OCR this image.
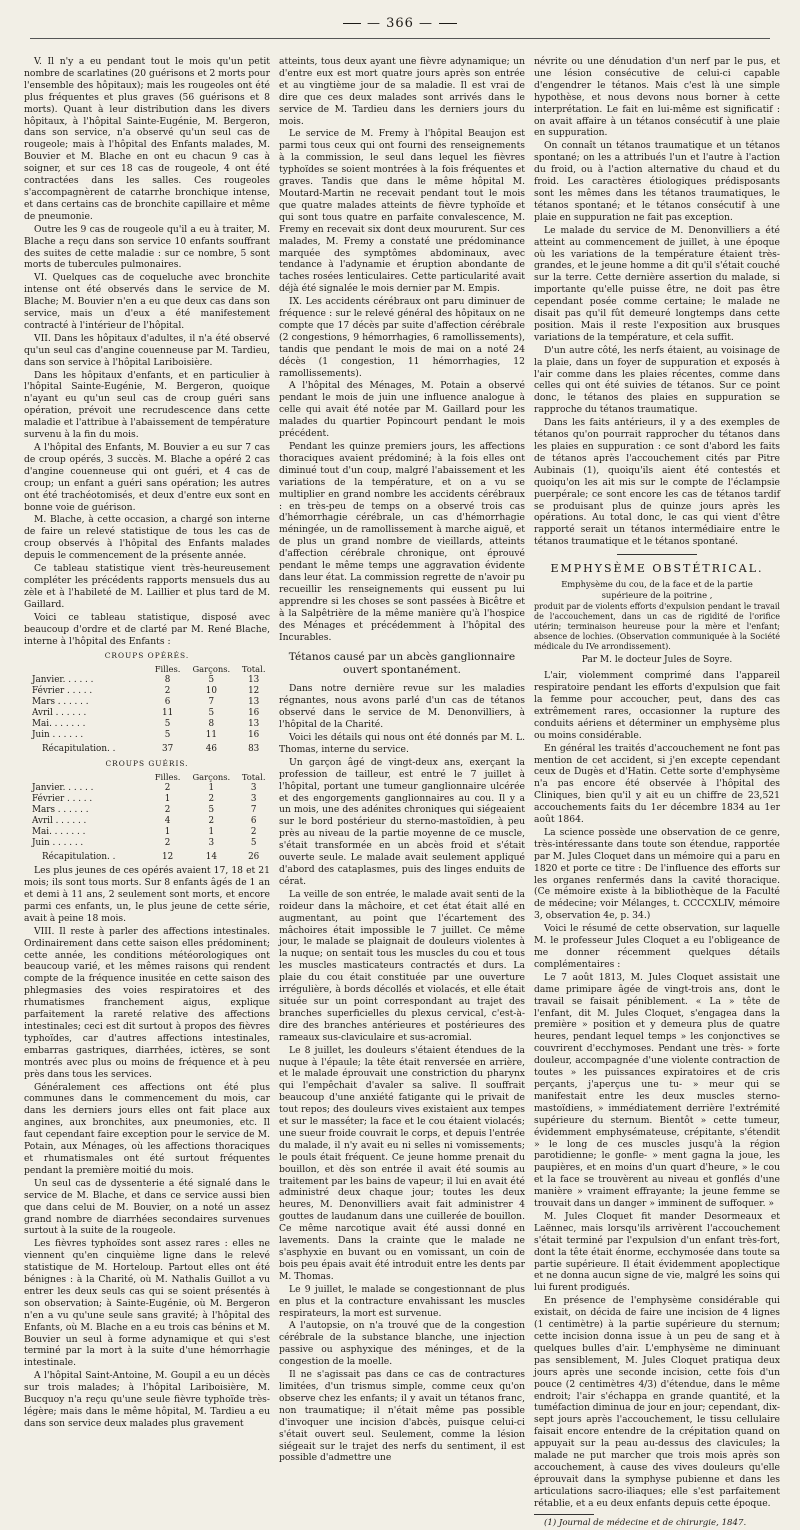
— 366 —

V. Il n'y a eu pendant tout le mois qu'un petit nombre de scarlatines (20 guérisons et 2 morts pour l'ensemble des hôpitaux); mais les rougeoles ont été plus fréquentes et plus graves (56 guérisons et 8 morts). Quant à leur distribution dans les divers hôpitaux, à l'hôpital Sainte-Eugénie, M. Bergeron, dans son service, n'a observé qu'un seul cas de rougeole; mais à l'hôpital des Enfants malades, M. Bouvier et M. Blache en ont eu chacun 9 cas à soigner, et sur ces 18 cas de rougeole, 4 ont été contractées dans les salles. Ces rougeoles s'accompagnèrent de catarrhe bronchique intense, et dans certains cas de bronchite capillaire et même de pneumonie.

Outre les 9 cas de rougeole qu'il a eu à traiter, M. Blache a reçu dans son service 10 enfants souffrant des suites de cette maladie : sur ce nombre, 5 sont morts de tubercules pulmonaires.

VI. Quelques cas de coqueluche avec bronchite intense ont été observés dans le service de M. Blache; M. Bouvier n'en a eu que deux cas dans son service, mais un d'eux a été manifestement contracté à l'intérieur de l'hôpital.

VII. Dans les hôpitaux d'adultes, il n'a été observé qu'un seul cas d'angine couenneuse par M. Tardieu, dans son service à l'hôpital Lariboisière.

Dans les hôpitaux d'enfants, et en particulier à l'hôpital Sainte-Eugénie, M. Bergeron, quoique n'ayant eu qu'un seul cas de croup guéri sans opération, prévoit une recrudescence dans cette maladie et l'attribue à l'abaissement de température survenu à la fin du mois.

A l'hôpital des Enfants, M. Bouvier a eu sur 7 cas de croup opérés, 3 succès. M. Blache a opéré 2 cas d'angine couenneuse qui ont guéri, et 4 cas de croup; un enfant a guéri sans opération; les autres ont été trachéotomisés, et deux d'entre eux sont en bonne voie de guérison.

M. Blache, à cette occasion, a chargé son interne de faire un relevé statistique de tous les cas de croup observés à l'hôpital des Enfants malades depuis le commencement de la présente année.

Ce tableau statistique vient très-heureusement compléter les précédents rapports mensuels dus au zèle et à l'habileté de M. Laillier et plus tard de M. Gaillard.

Voici ce tableau statistique, disposé avec beaucoup d'ordre et de clarté par M. René Blache, interne à l'hôpital des Enfants :

CROUPS OPÉRÉS.
	Filles.	Garçons.	Total.
Janvier. . . . . .	8	5	13
Février . . . . .	2	10	12
Mars . . . . . .	6	7	13
Avril . . . . . .	11	5	16
Mai. . . . . . .	5	8	13
Juin . . . . . .	5	11	16
Récapitulation. .	37	46	83
CROUPS GUÉRIS.
	Filles.	Garçons.	Total.
Janvier. . . . . .	2	1	3
Février . . . . .	1	2	3
Mars . . . . . .	2	5	7
Avril . . . . . .	4	2	6
Mai. . . . . . .	1	1	2
Juin . . . . . .	2	3	5
Récapitulation. .	12	14	26

Les plus jeunes de ces opérés avaient 17, 18 et 21 mois; ils sont tous morts. Sur 8 enfants âgés de 1 an et demi à 11 ans, 2 seulement sont morts, et encore parmi ces enfants, un, le plus jeune de cette série, avait à peine 18 mois.

VIII. Il reste à parler des affections intestinales. Ordinairement dans cette saison elles prédominent; cette année, les conditions météorologiques ont beaucoup varié, et les mêmes raisons qui rendent compte de la fréquence inusitée en cette saison des phlegmasies des voies respiratoires et des rhumatismes franchement aigus, explique parfaitement la rareté relative des affections intestinales; ceci est dit surtout à propos des fièvres typhoïdes, car d'autres affections intestinales, embarras gastriques, diarrhées, ictères, se sont montrés avec plus ou moins de fréquence et à peu près dans tous les services.

Généralement ces affections ont été plus communes dans le commencement du mois, car dans les derniers jours elles ont fait place aux angines, aux bronchites, aux pneumonies, etc. Il faut cependant faire exception pour le service de M. Potain, aux Ménages, où les affections thoraciques et rhumatismales ont été surtout fréquentes pendant la première moitié du mois.

Un seul cas de dyssenterie a été signalé dans le service de M. Blache, et dans ce service aussi bien que dans celui de M. Bouvier, on a noté un assez grand nombre de diarrhées secondaires survenues surtout à la suite de la rougeole.

Les fièvres typhoïdes sont assez rares : elles ne viennent qu'en cinquième ligne dans le relevé statistique de M. Horteloup. Partout elles ont été bénignes : à la Charité, où M. Nathalis Guillot a vu entrer les deux seuls cas qui se soient présentés à son observation; à Sainte-Eugénie, où M. Bergeron n'en a vu qu'une seule sans gravité; à l'hôpital des Enfants, où M. Blache en a eu trois cas bénins et M. Bouvier un seul à forme adynamique et qui s'est terminé par la mort à la suite d'une hémorrhagie intestinale.

A l'hôpital Saint-Antoine, M. Goupil a eu un décès sur trois malades; à l'hôpital Lariboisière, M. Bucquoy n'a reçu qu'une seule fièvre typhoïde très-légère; mais dans le même hôpital, M. Tardieu a eu dans son service deux malades plus gravement

atteints, tous deux ayant une fièvre adynamique; un d'entre eux est mort quatre jours après son entrée et au vingtième jour de sa maladie. Il est vrai de dire que ces deux malades sont arrivés dans le service de M. Tardieu dans les derniers jours du mois.

Le service de M. Fremy à l'hôpital Beaujon est parmi tous ceux qui ont fourni des renseignements à la commission, le seul dans lequel les fièvres typhoïdes se soient montrées à la fois fréquentes et graves. Tandis que dans le même hôpital M. Moutard-Martin ne recevait pendant tout le mois que quatre malades atteints de fièvre typhoïde et qui sont tous quatre en parfaite convalescence, M. Fremy en recevait six dont deux moururent. Sur ces malades, M. Fremy a constaté une prédominance marquée des symptômes abdominaux, avec tendance à l'adynamie et éruption abondante de taches rosées lenticulaires. Cette particularité avait déjà été signalée le mois dernier par M. Empis.

IX. Les accidents cérébraux ont paru diminuer de fréquence : sur le relevé général des hôpitaux on ne compte que 17 décès par suite d'affection cérébrale (2 congestions, 9 hémorrhagies, 6 ramollissements), tandis que pendant le mois de mai on a noté 24 décès (1 congestion, 11 hémorrhagies, 12 ramollissements).

A l'hôpital des Ménages, M. Potain a observé pendant le mois de juin une influence analogue à celle qui avait été notée par M. Gaillard pour les malades du quartier Popincourt pendant le mois précédent.

Pendant les quinze premiers jours, les affections thoraciques avaient prédominé; à la fois elles ont diminué tout d'un coup, malgré l'abaissement et les variations de la température, et on a vu se multiplier en grand nombre les accidents cérébraux : en très-peu de temps on a observé trois cas d'hémorrhagie cérébrale, un cas d'hémorrhagie méningée, un de ramollissement à marche aiguë, et de plus un grand nombre de vieillards, atteints d'affection cérébrale chronique, ont éprouvé pendant le même temps une aggravation évidente dans leur état. La commission regrette de n'avoir pu recueillir les renseignements qui eussent pu lui apprendre si les choses se sont passées à Bicêtre et à la Salpêtrière de la même manière qu'à l'hospice des Ménages et précédemment à l'hôpital des Incurables.

Tétanos causé par un abcès ganglionnaire ouvert spontanément.

Dans notre dernière revue sur les maladies régnantes, nous avons parlé d'un cas de tétanos observé dans le service de M. Denonvilliers, à l'hôpital de la Charité.

Voici les détails qui nous ont été donnés par M. L. Thomas, interne du service.

Un garçon âgé de vingt-deux ans, exerçant la profession de tailleur, est entré le 7 juillet à l'hôpital, portant une tumeur ganglionnaire ulcérée et des engorgements ganglionnaires au cou. Il y a un mois, une des adénites chroniques qui siégeaient sur le bord postérieur du sterno-mastoïdien, à peu près au niveau de la partie moyenne de ce muscle, s'était transformée en un abcès froid et s'était ouverte seule. Le malade avait seulement appliqué d'abord des cataplasmes, puis des linges enduits de cérat.

La veille de son entrée, le malade avait senti de la roideur dans la mâchoire, et cet état était allé en augmentant, au point que l'écartement des mâchoires était impossible le 7 juillet. Ce même jour, le malade se plaignait de douleurs violentes à la nuque; on sentait tous les muscles du cou et tous les muscles masticateurs contractés et durs. La plaie du cou était constituée par une ouverture irrégulière, à bords décollés et violacés, et elle était située sur un point correspondant au trajet des branches superficielles du plexus cervical, c'est-à-dire des branches antérieures et postérieures des rameaux sus-claviculaire et sus-acromial.

Le 8 juillet, les douleurs s'étaient étendues de la nuque à l'épaule; la tête était renversée en arrière, et le malade éprouvait une constriction du pharynx qui l'empêchait d'avaler sa salive. Il souffrait beaucoup d'une anxiété fatigante qui le privait de tout repos; des douleurs vives existaient aux tempes et sur le masséter; la face et le cou étaient violacés; une sueur froide couvrait le corps, et depuis l'entrée du malade, il n'y avait eu ni selles ni vomissements; le pouls était fréquent. Ce jeune homme prenait du bouillon, et dès son entrée il avait été soumis au traitement par les bains de vapeur; il lui en avait été administré deux chaque jour; toutes les deux heures, M. Denonvilliers avait fait administrer 4 gouttes de laudanum dans une cuillerée de bouillon. Ce même narcotique avait été aussi donné en lavements. Dans la crainte que le malade ne s'asphyxie en buvant ou en vomissant, un coin de bois peu épais avait été introduit entre les dents par M. Thomas.

Le 9 juillet, le malade se congestionnant de plus en plus et la contracture envahissant les muscles respirateurs, la mort est survenue.

A l'autopsie, on n'a trouvé que de la congestion cérébrale de la substance blanche, une injection passive ou asphyxique des méninges, et de la congestion de la moelle.

Il ne s'agissait pas dans ce cas de contractures limitées, d'un trismus simple, comme ceux qu'on observe chez les enfants; il y avait un tétanos franc, non traumatique; il n'était même pas possible d'invoquer une incision d'abcès, puisque celui-ci s'était ouvert seul. Seulement, comme la lésion siégeait sur le trajet des nerfs du sentiment, il est possible d'admettre une

névrite ou une dénudation d'un nerf par le pus, et une lésion consécutive de celui-ci capable d'engendrer le tétanos. Mais c'est là une simple hypothèse, et nous devons nous borner à cette interprétation. Le fait en lui-même est significatif : on avait affaire à un tétanos consécutif à une plaie en suppuration.

On connaît un tétanos traumatique et un tétanos spontané; on les a attribués l'un et l'autre à l'action du froid, ou à l'action alternative du chaud et du froid. Les caractères étiologiques prédisposants sont les mêmes dans les tétanos traumatiques, le tétanos spontané; et le tétanos consécutif à une plaie en suppuration ne fait pas exception.

Le malade du service de M. Denonvilliers a été atteint au commencement de juillet, à une époque où les variations de la température étaient très-grandes, et le jeune homme a dit qu'il s'était couché sur la terre. Cette dernière assertion du malade, si importante qu'elle puisse être, ne doit pas être cependant posée comme certaine; le malade ne disait pas qu'il fût demeuré longtemps dans cette position. Mais il reste l'exposition aux brusques variations de la température, et cela suffit.

D'un autre côté, les nerfs étaient, au voisinage de la plaie, dans un foyer de suppuration et exposés à l'air comme dans les plaies récentes, comme dans celles qui ont été suivies de tétanos. Sur ce point donc, le tétanos des plaies en suppuration se rapproche du tétanos traumatique.

Dans les faits antérieurs, il y a des exemples de tétanos qu'on pourrait rapprocher du tétanos dans les plaies en suppuration : ce sont d'abord les faits de tétanos après l'accouchement cités par Pitre Aubinais (1), quoiqu'ils aient été contestés et quoiqu'on les ait mis sur le compte de l'éclampsie puerpérale; ce sont encore les cas de tétanos tardif se produisant plus de quinze jours après les opérations. Au total donc, le cas qui vient d'être rapporté serait un tétanos intermédiaire entre le tétanos traumatique et le tétanos spontané.

EMPHYSÈME OBSTÉTRICAL.
Emphysème du cou, de la face et de la partie supérieure de la poitrine ,
produit par de violents efforts d'expulsion pendant le travail de l'accouchement, dans un cas de rigidité de l'orifice utérin; terminaison heureuse pour la mère et l'enfant; absence de lochies. (Observation communiquée à la Société médicale du IVe arrondissement).
Par M. le docteur Jules de Soyre.

L'air, violemment comprimé dans l'appareil respiratoire pendant les efforts d'expulsion que fait la femme pour accoucher, peut, dans des cas extrêmement rares, occasionner la rupture des conduits aériens et déterminer un emphysème plus ou moins considérable.

En général les traités d'accouchement ne font pas mention de cet accident, si j'en excepte cependant ceux de Dugès et d'Hatin. Cette sorte d'emphysème n'a pas encore été observée à l'hôpital des Cliniques, bien qu'il y ait eu un chiffre de 23,521 accouchements faits du 1er décembre 1834 au 1er août 1864.

La science possède une observation de ce genre, très-intéressante dans toute son étendue, rapportée par M. Jules Cloquet dans un mémoire qui a paru en 1820 et porte ce titre : De l'influence des efforts sur les organes renfermés dans la cavité thoracique. (Ce mémoire existe à la bibliothèque de la Faculté de médecine; voir Mélanges, t. CCCCXLIV, mémoire 3, observation 4e, p. 34.)

Voici le résumé de cette observation, sur laquelle M. le professeur Jules Cloquet a eu l'obligeance de me donner récemment quelques détails complémentaires :

Le 7 août 1813, M. Jules Cloquet assistait une dame primipare âgée de vingt-trois ans, dont le travail se faisait péniblement. « La » tête de l'enfant, dit M. Jules Cloquet, s'engagea dans la première » position et y demeura plus de quatre heures, pendant lequel temps » les conjonctives se couvrirent d'ecchymoses. Pendant une très- » forte douleur, accompagnée d'une violente contraction de toutes » les puissances expiratoires et de cris perçants, j'aperçus une tu- » meur qui se manifestait entre les deux muscles sterno-mastoïdiens, » immédiatement derrière l'extrémité supérieure du sternum. Bientôt » cette tumeur, évidemment emphysémateuse, crépitante, s'étendit » le long de ces muscles jusqu'à la région parotidienne; le gonfle- » ment gagna la joue, les paupières, et en moins d'un quart d'heure, » le cou et la face se trouvèrent au niveau et gonflés d'une manière » vraiment effrayante; la jeune femme se trouvait dans un danger » imminent de suffoquer. »

M. Jules Cloquet fit mander Desormeaux et Laënnec, mais lorsqu'ils arrivèrent l'accouchement s'était terminé par l'expulsion d'un enfant très-fort, dont la tête était énorme, ecchymosée dans toute sa partie supérieure. Il était évidemment apoplectique et ne donna aucun signe de vie, malgré les soins qui lui furent prodigués.

En présence de l'emphysème considérable qui existait, on décida de faire une incision de 4 lignes (1 centimètre) à la partie supérieure du sternum; cette incision donna issue à un peu de sang et à quelques bulles d'air. L'emphysème ne diminuant pas sensiblement, M. Jules Cloquet pratiqua deux jours après une seconde incision, cette fois d'un pouce (2 centimètres 4/3) d'étendue, dans le même endroit; l'air s'échappa en grande quantité, et la tuméfaction diminua de jour en jour; cependant, dix-sept jours après l'accouchement, le tissu cellulaire faisait encore entendre de la crépitation quand on appuyait sur la peau au-dessus des clavicules; la malade ne put marcher que trois mois après son accouchement, à cause des vives douleurs qu'elle éprouvait dans la symphyse pubienne et dans les articulations sacro-iliaques; elle s'est parfaitement rétablie, et a eu deux enfants depuis cette époque.

(1) Journal de médecine et de chirurgie, 1847.
